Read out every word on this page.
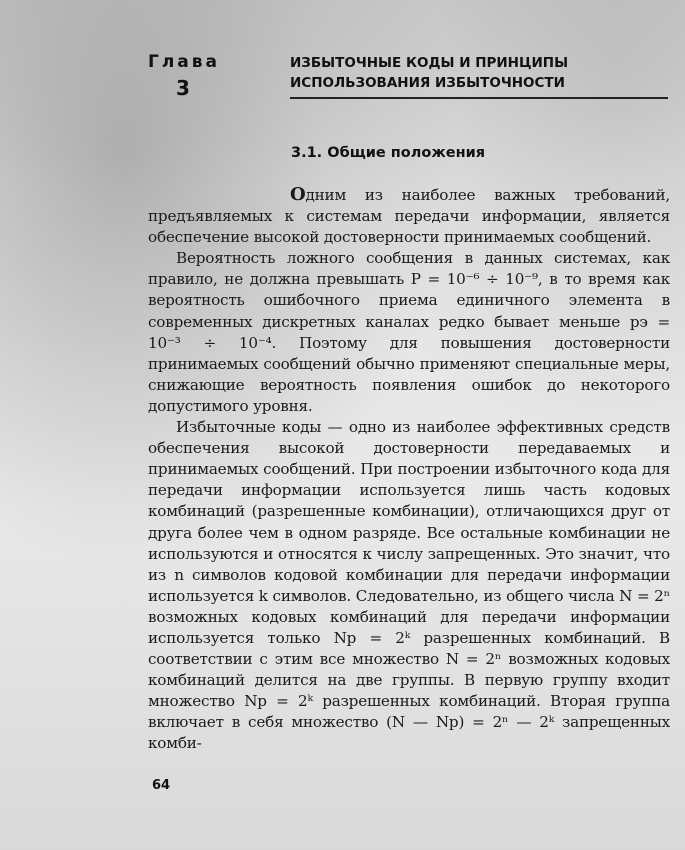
Глава
3
ИЗБЫТОЧНЫЕ КОДЫ И ПРИНЦИПЫ
ИСПОЛЬЗОВАНИЯ ИЗБЫТОЧНОСТИ
3.1. Общие положения

Одним из наиболее важных требований, предъявляемых к системам передачи информации, является обеспечение высокой достоверности принимаемых сообщений.

Вероятность ложного сообщения в данных системах, как правило, не должна превышать P = 10⁻⁶ ÷ 10⁻⁹, в то время как вероятность ошибочного приема единичного элемента в современных дискретных каналах редко бывает меньше pэ = 10⁻³ ÷ 10⁻⁴. Поэтому для повышения достоверности принимаемых сообщений обычно применяют специальные меры, снижающие вероятность появления ошибок до некоторого допустимого уровня.

Избыточные коды — одно из наиболее эффективных средств обеспечения высокой достоверности передаваемых и принимаемых сообщений. При построении избыточного кода для передачи информации используется лишь часть кодовых комбинаций (разрешенные комбинации), отличающихся друг от друга более чем в одном разряде. Все остальные комбинации не используются и относятся к числу запрещенных. Это значит, что из n символов кодовой комбинации для передачи информации используется k символов. Следовательно, из общего числа N = 2ⁿ возможных кодовых комбинаций для передачи информации используется только Nр = 2ᵏ разрешенных комбинаций. В соответствии с этим все множество N = 2ⁿ возможных кодовых комбинаций делится на две группы. В первую группу входит множество Nр = 2ᵏ разрешенных комбинаций. Вторая группа включает в себя множество (N — Nр) = 2ⁿ — 2ᵏ запрещенных комби-

64
